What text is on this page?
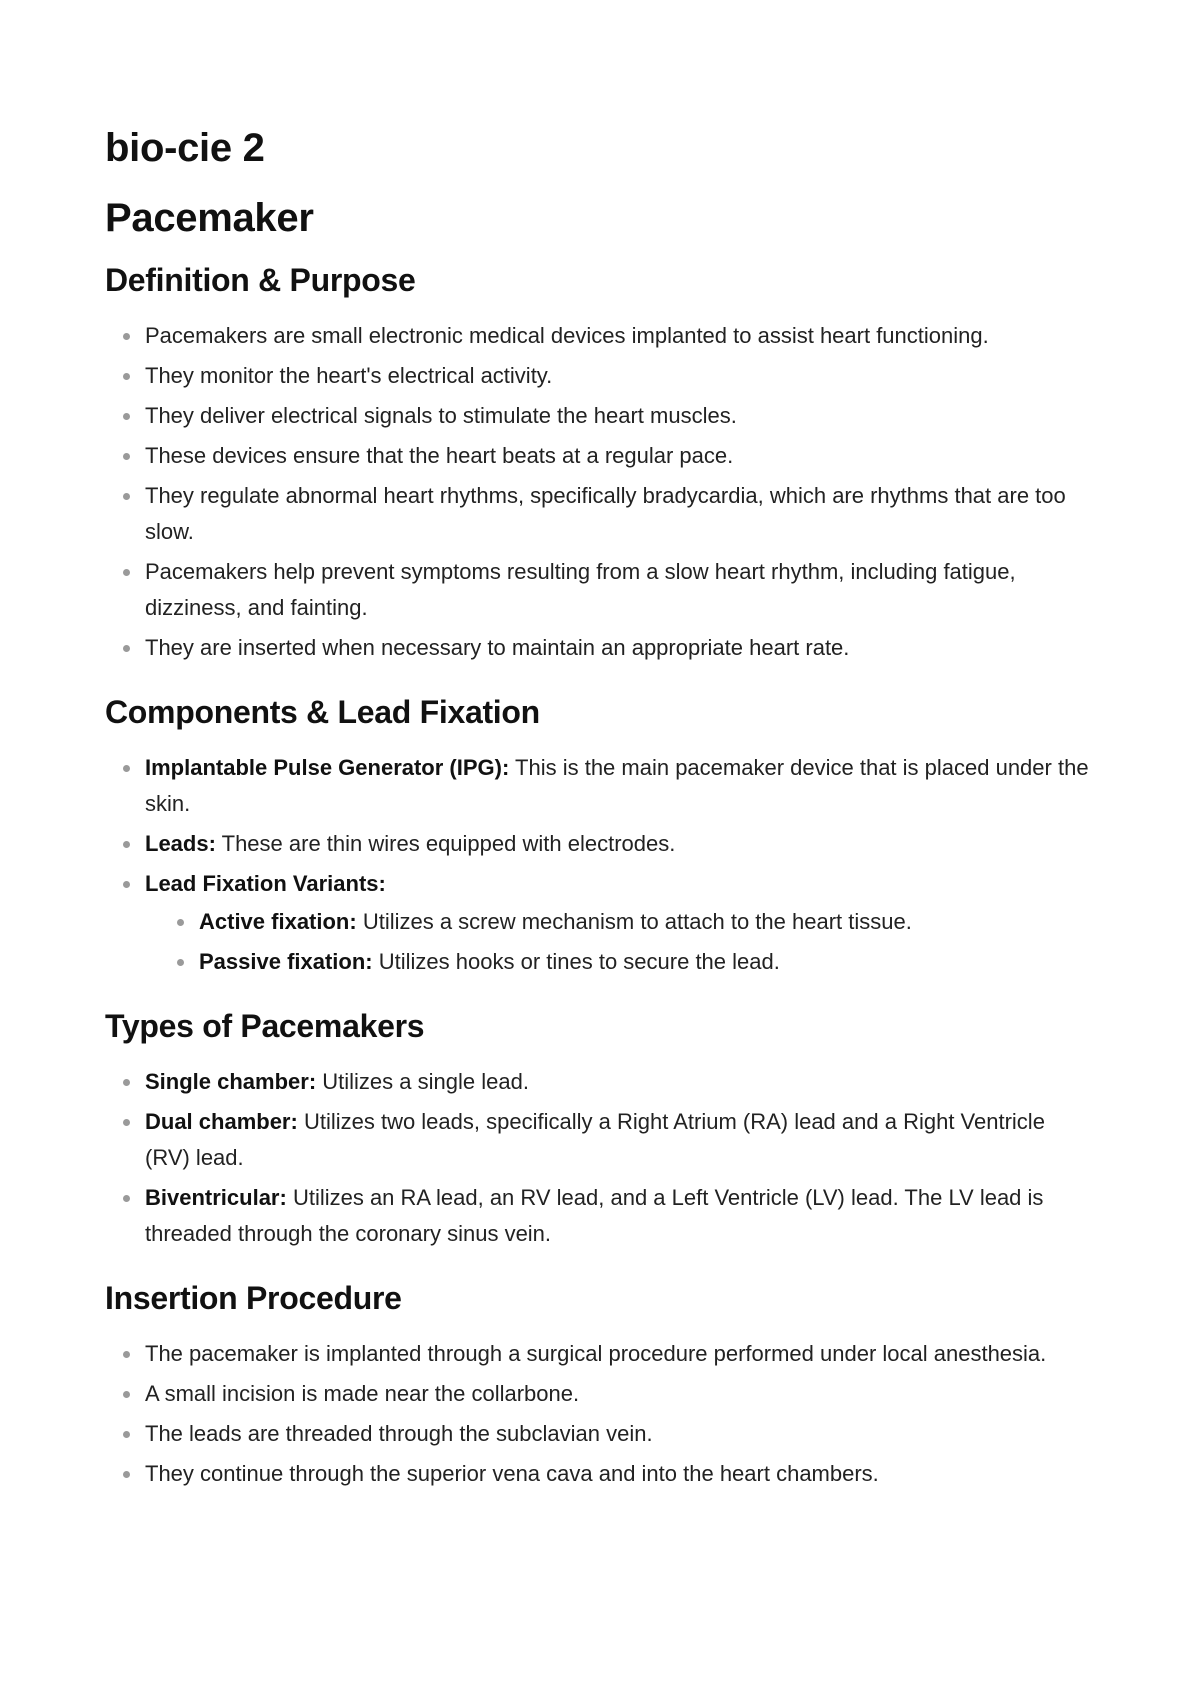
bio-cie 2
Pacemaker
Definition & Purpose
Pacemakers are small electronic medical devices implanted to assist heart functioning.
They monitor the heart's electrical activity.
They deliver electrical signals to stimulate the heart muscles.
These devices ensure that the heart beats at a regular pace.
They regulate abnormal heart rhythms, specifically bradycardia, which are rhythms that are too slow.
Pacemakers help prevent symptoms resulting from a slow heart rhythm, including fatigue, dizziness, and fainting.
They are inserted when necessary to maintain an appropriate heart rate.
Components & Lead Fixation
Implantable Pulse Generator (IPG): This is the main pacemaker device that is placed under the skin.
Leads: These are thin wires equipped with electrodes.
Lead Fixation Variants:
Active fixation: Utilizes a screw mechanism to attach to the heart tissue.
Passive fixation: Utilizes hooks or tines to secure the lead.
Types of Pacemakers
Single chamber: Utilizes a single lead.
Dual chamber: Utilizes two leads, specifically a Right Atrium (RA) lead and a Right Ventricle (RV) lead.
Biventricular: Utilizes an RA lead, an RV lead, and a Left Ventricle (LV) lead. The LV lead is threaded through the coronary sinus vein.
Insertion Procedure
The pacemaker is implanted through a surgical procedure performed under local anesthesia.
A small incision is made near the collarbone.
The leads are threaded through the subclavian vein.
They continue through the superior vena cava and into the heart chambers.
